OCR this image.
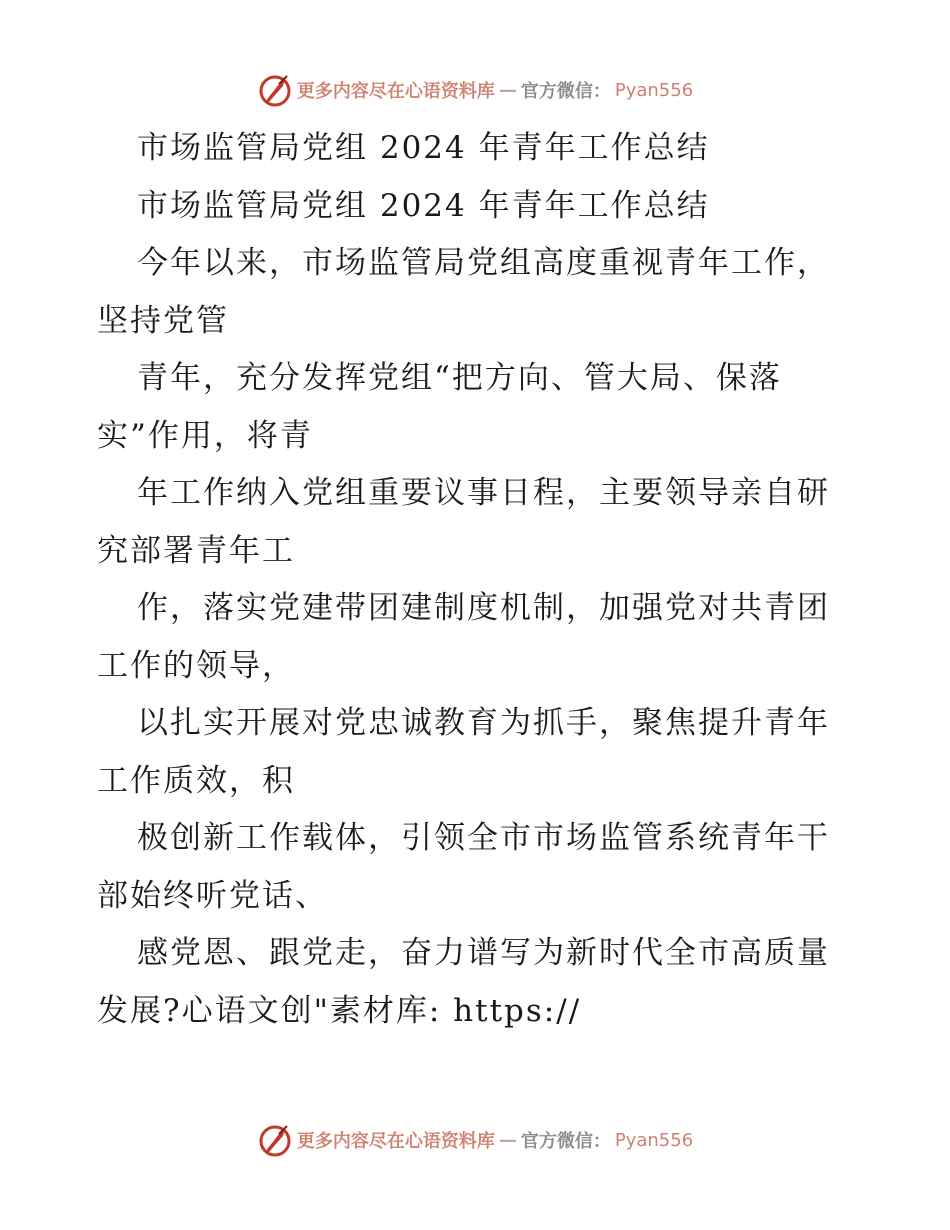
更多内容尽在心语资料库 — 官方微信： Pyan556
市场监管局党组 2024 年青年工作总结
市场监管局党组 2024 年青年工作总结
今年以来，市场监管局党组高度重视青年工作，
坚持党管
青年，充分发挥党组“把方向、管大局、保落
实”作用，将青
年工作纳入党组重要议事日程，主要领导亲自研
究部署青年工
作，落实党建带团建制度机制，加强党对共青团
工作的领导，
以扎实开展对党忠诚教育为抓手，聚焦提升青年
工作质效，积
极创新工作载体，引领全市市场监管系统青年干
部始终听党话、
感党恩、跟党走，奋力谱写为新时代全市高质量
发展?心语文创"素材库: https://
更多内容尽在心语资料库 — 官方微信： Pyan556
